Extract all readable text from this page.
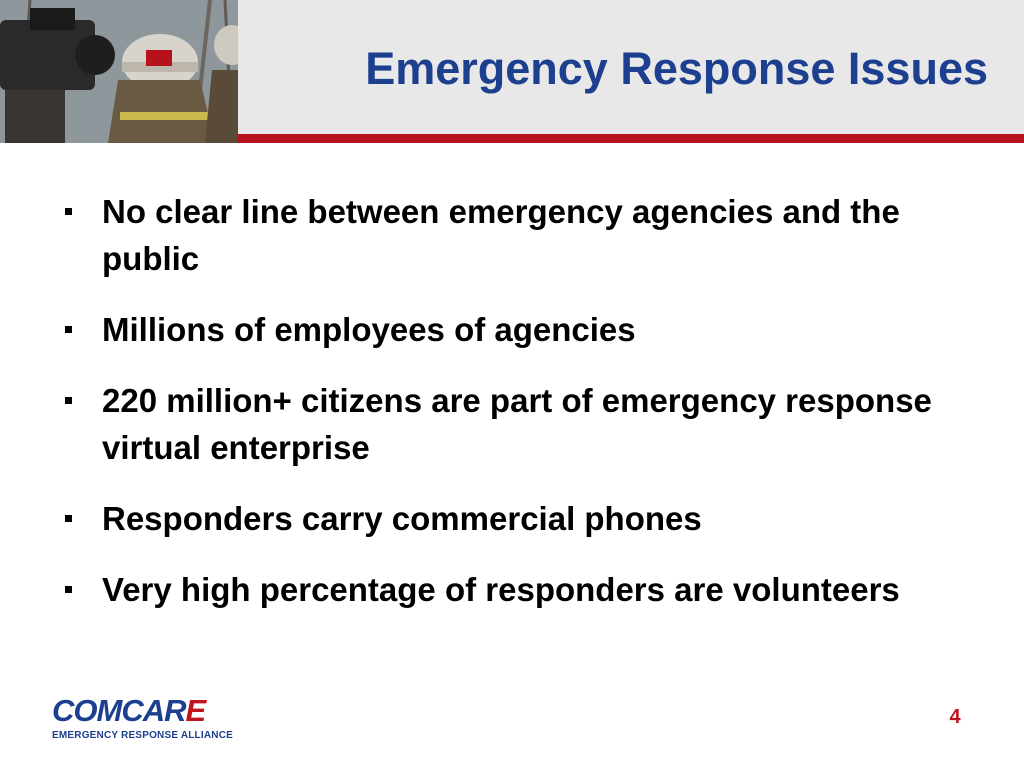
Emergency Response Issues
No clear line between emergency agencies and the public
Millions of employees of agencies
220 million+ citizens are part of emergency response virtual enterprise
Responders carry commercial phones
Very high percentage of responders are volunteers
COMCARE
EMERGENCY RESPONSE ALLIANCE
4
